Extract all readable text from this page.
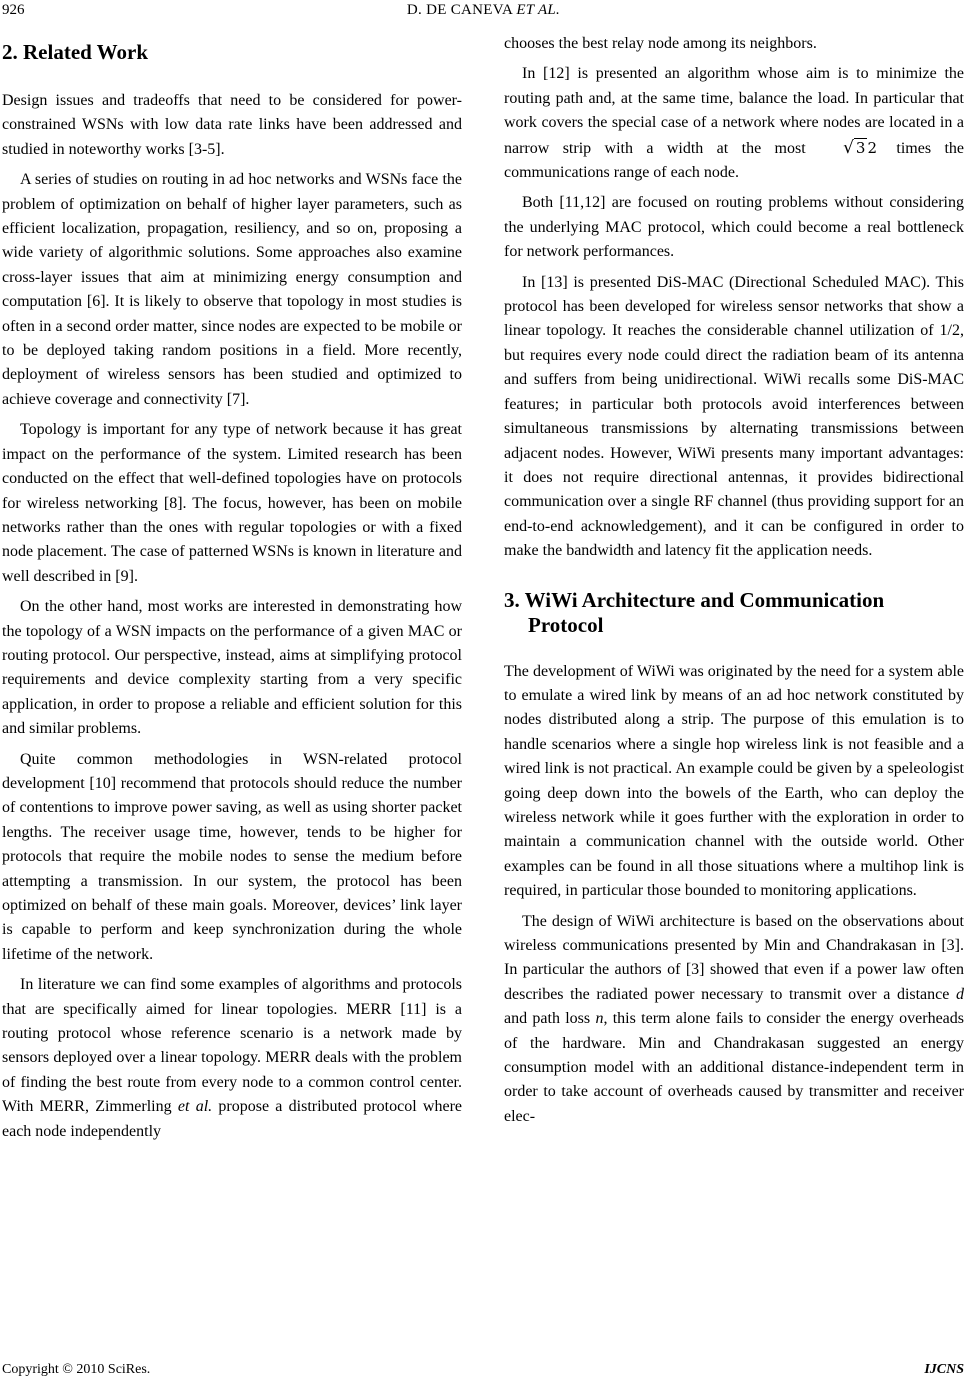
926	D. DE CANEVA ET AL.
2. Related Work

Design issues and tradeoffs that need to be considered for power-constrained WSNs with low data rate links have been addressed and studied in noteworthy works [3-5].

A series of studies on routing in ad hoc networks and WSNs face the problem of optimization on behalf of higher layer parameters, such as efficient localization, propagation, resiliency, and so on, proposing a wide variety of algorithmic solutions. Some approaches also examine cross-layer issues that aim at minimizing energy consumption and computation [6]. It is likely to observe that topology in most studies is often in a second order matter, since nodes are expected to be mobile or to be deployed taking random positions in a field. More recently, deployment of wireless sensors has been studied and optimized to achieve coverage and connectivity [7].

Topology is important for any type of network because it has great impact on the performance of the system. Limited research has been conducted on the effect that well-defined topologies have on protocols for wireless networking [8]. The focus, however, has been on mobile networks rather than the ones with regular topologies or with a fixed node placement. The case of patterned WSNs is known in literature and well described in [9].

On the other hand, most works are interested in demonstrating how the topology of a WSN impacts on the performance of a given MAC or routing protocol. Our perspective, instead, aims at simplifying protocol requirements and device complexity starting from a very specific application, in order to propose a reliable and efficient solution for this and similar problems.

Quite common methodologies in WSN-related protocol development [10] recommend that protocols should reduce the number of contentions to improve power saving, as well as using shorter packet lengths. The receiver usage time, however, tends to be higher for protocols that require the mobile nodes to sense the medium before attempting a transmission. In our system, the protocol has been optimized on behalf of these main goals. Moreover, devices’ link layer is capable to perform and keep synchronization during the whole lifetime of the network.

In literature we can find some examples of algorithms and protocols that are specifically aimed for linear topologies. MERR [11] is a routing protocol whose reference scenario is a network made by sensors deployed over a linear topology. MERR deals with the problem of finding the best route from every node to a common control center. With MERR, Zimmerling et al. propose a distributed protocol where each node independently

chooses the best relay node among its neighbors.

In [12] is presented an algorithm whose aim is to minimize the routing path and, at the same time, balance the load. In particular that work covers the special case of a network where nodes are located in a narrow strip with a width at the most √ 3 2 times the communications range of each node.

Both [11,12] are focused on routing problems without considering the underlying MAC protocol, which could become a real bottleneck for network performances.

In [13] is presented DiS-MAC (Directional Scheduled MAC). This protocol has been developed for wireless sensor networks that show a linear topology. It reaches the considerable channel utilization of 1/2, but requires every node could direct the radiation beam of its antenna and suffers from being unidirectional. WiWi recalls some DiS-MAC features; in particular both protocols avoid interferences between simultaneous transmissions by alternating transmissions between adjacent nodes. However, WiWi presents many important advantages: it does not require directional antennas, it provides bidirectional communication over a single RF channel (thus providing support for an end-to-end acknowledgement), and it can be configured in order to make the bandwidth and latency fit the application needs.

3. WiWi Architecture and Communication Protocol

The development of WiWi was originated by the need for a system able to emulate a wired link by means of an ad hoc network constituted by nodes distributed along a strip. The purpose of this emulation is to handle scenarios where a single hop wireless link is not feasible and a wired link is not practical. An example could be given by a speleologist going deep down into the bowels of the Earth, who can deploy the wireless network while it goes further with the exploration in order to maintain a communication channel with the outside world. Other examples can be found in all those situations where a multihop link is required, in particular those bounded to monitoring applications.

The design of WiWi architecture is based on the observations about wireless communications presented by Min and Chandrakasan in [3]. In particular the authors of [3] showed that even if a power law often describes the radiated power necessary to transmit over a distance d and path loss n, this term alone fails to consider the energy overheads of the hardware. Min and Chandrakasan suggested an energy consumption model with an additional distance-independent term in order to take account of overheads caused by transmitter and receiver elec-

Copyright © 2010 SciRes.	IJCNS
